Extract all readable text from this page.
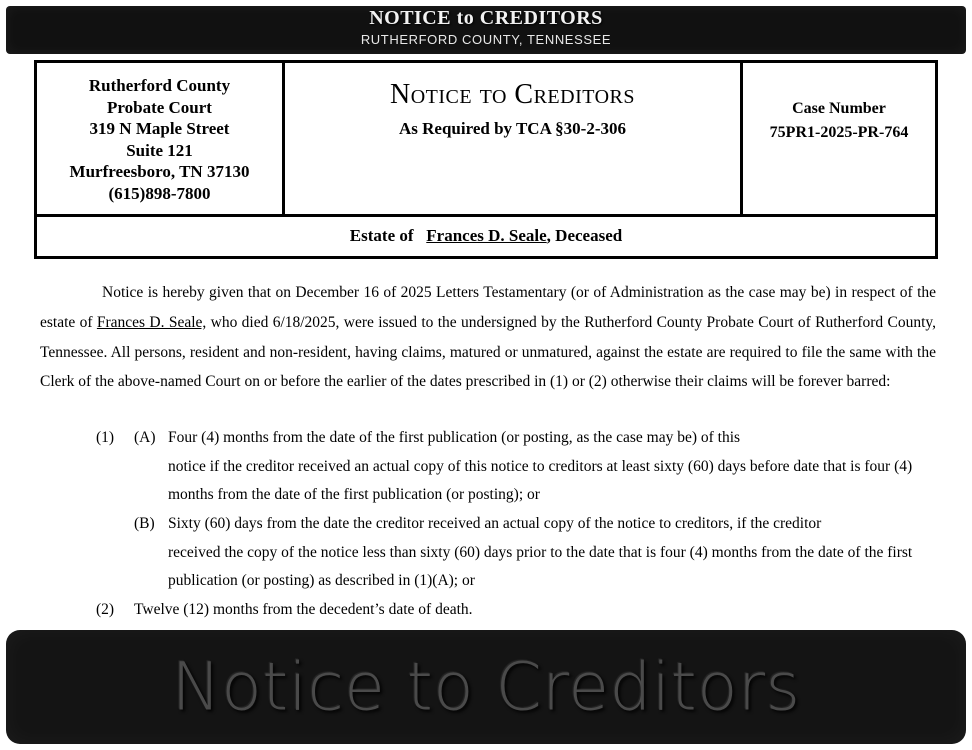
NOTICE to CREDITORS
RUTHERFORD COUNTY, TENNESSEE
Rutherford County
Probate Court
319 N Maple Street
Suite 121
Murfreesboro, TN 37130
(615)898-7800
Notice to Creditors
As Required by TCA §30-2-306
Case Number
75PR1-2025-PR-764
Estate of Frances D. Seale, Deceased
Notice is hereby given that on December 16 of 2025 Letters Testamentary (or of Administration as the case may be) in respect of the estate of Frances D. Seale, who died 6/18/2025, were issued to the undersigned by the Rutherford County Probate Court of Rutherford County, Tennessee. All persons, resident and non-resident, having claims, matured or unmatured, against the estate are required to file the same with the Clerk of the above-named Court on or before the earlier of the dates prescribed in (1) or (2) otherwise their claims will be forever barred:
(1)	(A) Four (4) months from the date of the first publication (or posting, as the case may be) of this
notice if the creditor received an actual copy of this notice to creditors at least sixty (60) days before date that is four (4)
months from the date of the first publication (or posting); or
(B) Sixty (60) days from the date the creditor received an actual copy of the notice to creditors, if the creditor
received the copy of the notice less than sixty (60) days prior to the date that is four (4) months from the date of the first
publication (or posting) as described in (1)(A); or
(2)	Twelve (12) months from the decedent’s date of death.
Notice to Creditors
